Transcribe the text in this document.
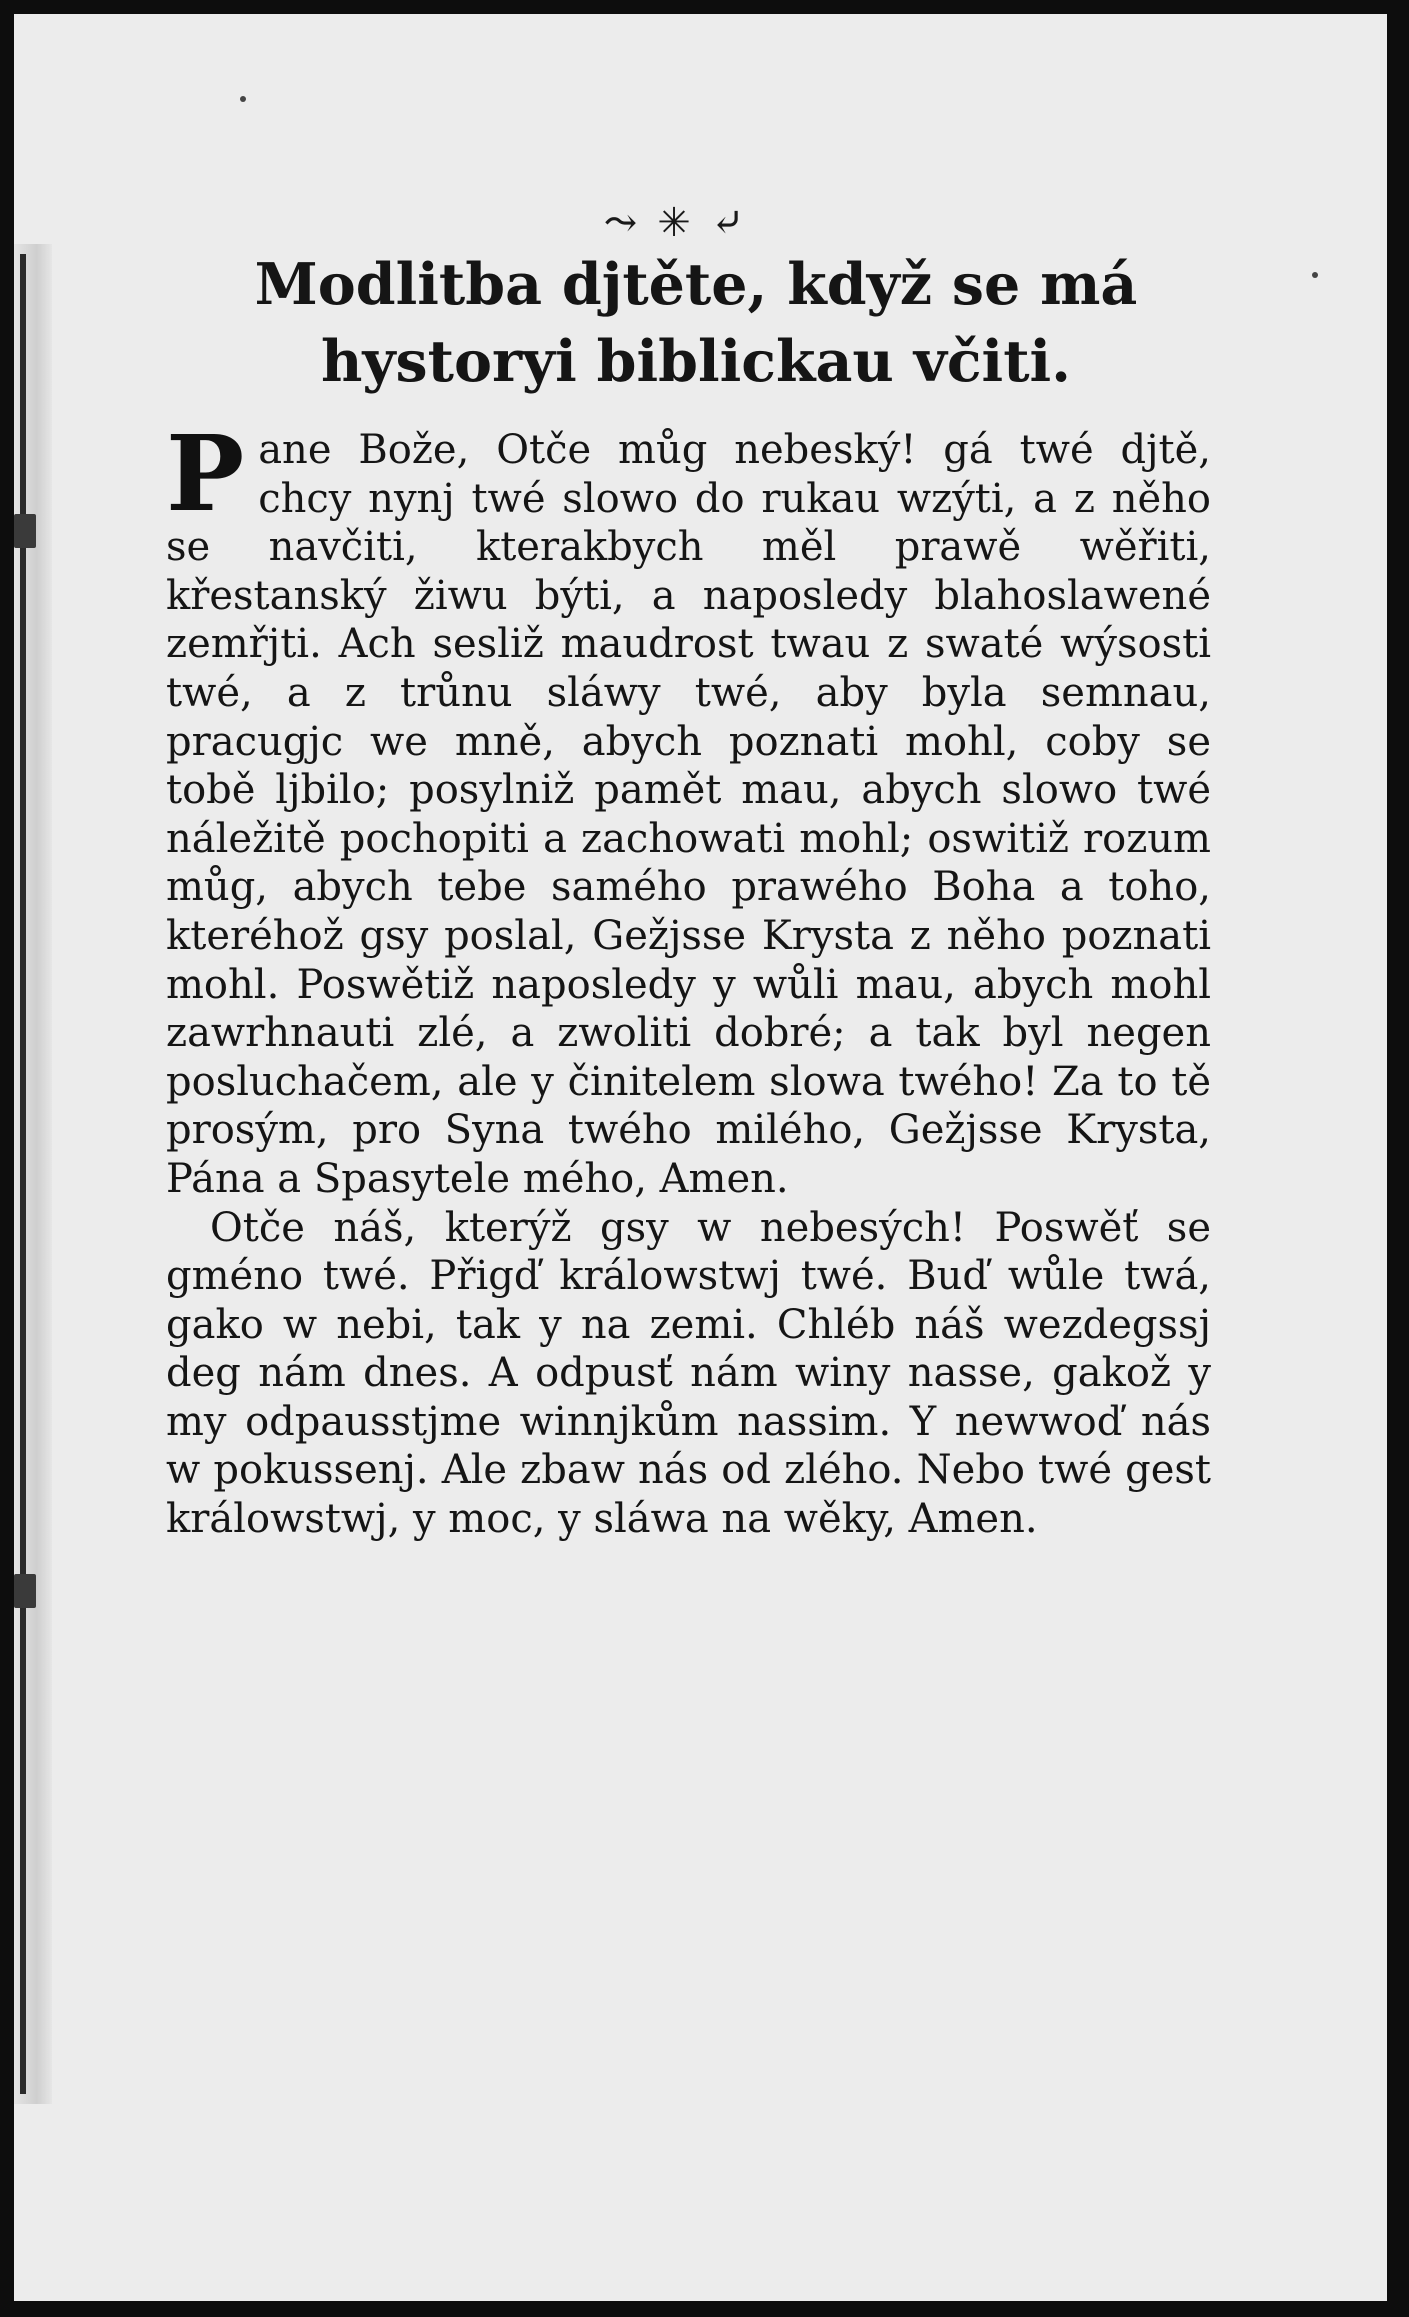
⤳ ✳ ⤶
Modlitba djtěte, když se má hystoryi biblickau včiti.

Pane Bože, Otče můg nebeský! gá twé djtě, chcy nynj twé slowo do rukau wzýti, a z něho se navčiti, kterakbych měl prawě wěřiti, křestanský žiwu býti, a naposledy blahoslawené zemřjti. Ach sesliž maudrost twau z swaté wýsosti twé, a z trůnu sláwy twé, aby byla semnau, pracugjc we mně, abych poznati mohl, coby se tobě ljbilo; posylniž pamět mau, abych slowo twé náležitě pochopiti a zachowati mohl; oswitiž rozum můg, abych tebe samého prawého Boha a toho, kteréhož gsy poslal, Gežjsse Krysta z něho poznati mohl. Poswětiž naposledy y wůli mau, abych mohl zawrhnauti zlé, a zwoliti dobré; a tak byl negen posluchačem, ale y činitelem slowa twého! Za to tě prosým, pro Syna twého milého, Gežjsse Krysta, Pána a Spasytele mého, Amen.

Otče náš, kterýž gsy w nebesých! Poswěť se gméno twé. Přigď králowstwj twé. Buď wůle twá, gako w nebi, tak y na zemi. Chléb náš wezdegssj deg nám dnes. A odpusť nám winy nasse, gakož y my odpausstjme winnjkům nassim. Y newwoď nás w pokussenj. Ale zbaw nás od zlého. Nebo twé gest králowstwj, y moc, y sláwa na wěky, Amen.
